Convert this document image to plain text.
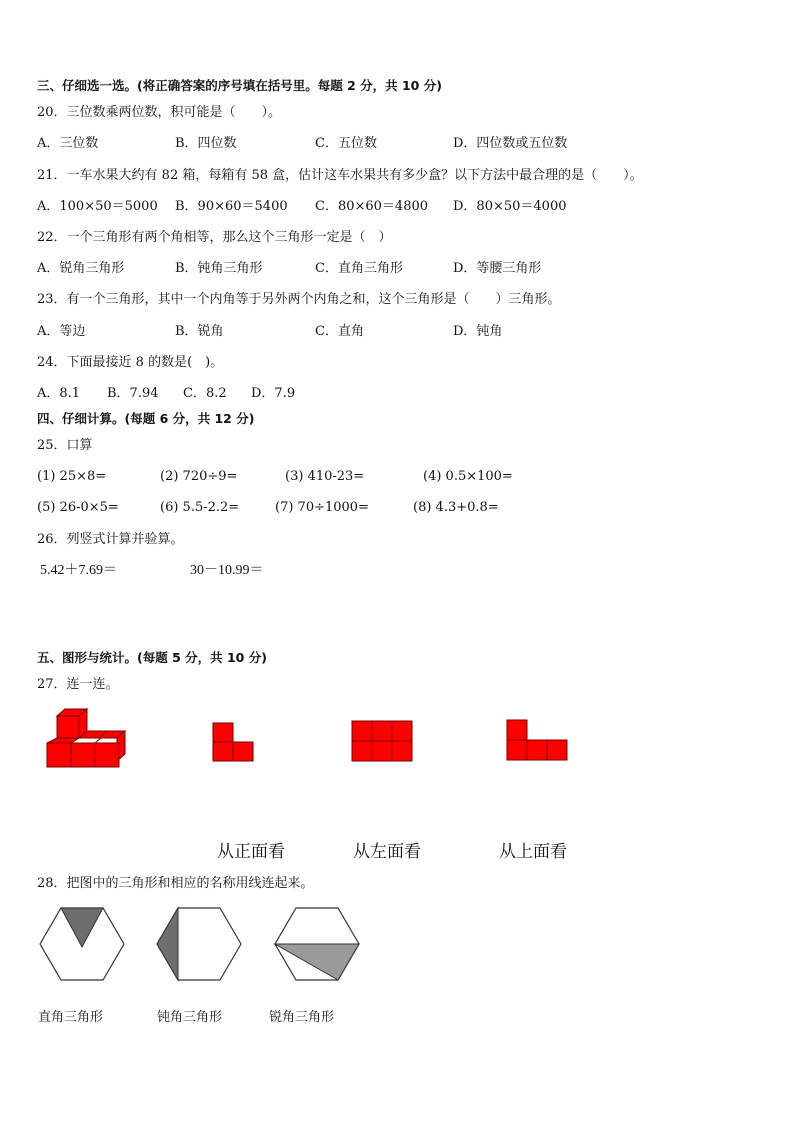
三、仔细选一选。(将正确答案的序号填在括号里。每题 2 分，共 10 分)
20．三位数乘两位数，积可能是（　　）。
A．三位数	B．四位数	C．五位数	D．四位数或五位数
21．一车水果大约有 82 箱，每箱有 58 盒，估计这车水果共有多少盒？以下方法中最合理的是（　　）。
A．100×50＝5000 B．90×60＝5400 C．80×60＝4800 D．80×50＝4000
22．一个三角形有两个角相等，那么这个三角形一定是（　）
A．锐角三角形	B．钝角三角形	C．直角三角形	D．等腰三角形
23．有一个三角形，其中一个内角等于另外两个内角之和，这个三角形是（　　）三角形。
A．等边	B．锐角	C．直角	D．钝角
24．下面最接近 8 的数是(　)。
A．8.1 B．7.94 C．8.2 D．7.9
四、仔细计算。(每题 6 分，共 12 分)
25．口算
(1) 25×8=	(2) 720÷9=	(3) 410-23=	(4) 0.5×100=
(5) 26-0×5=	(6) 5.5-2.2=	(7) 70÷1000=	(8) 4.3+0.8=
26．列竖式计算并验算。
5.42＋7.69＝	30－10.99＝
五、图形与统计。(每题 5 分，共 10 分)
27．连一连。
从正面看	从左面看	从上面看
28．把图中的三角形和相应的名称用线连起来。
直角三角形	钝角三角形	锐角三角形
